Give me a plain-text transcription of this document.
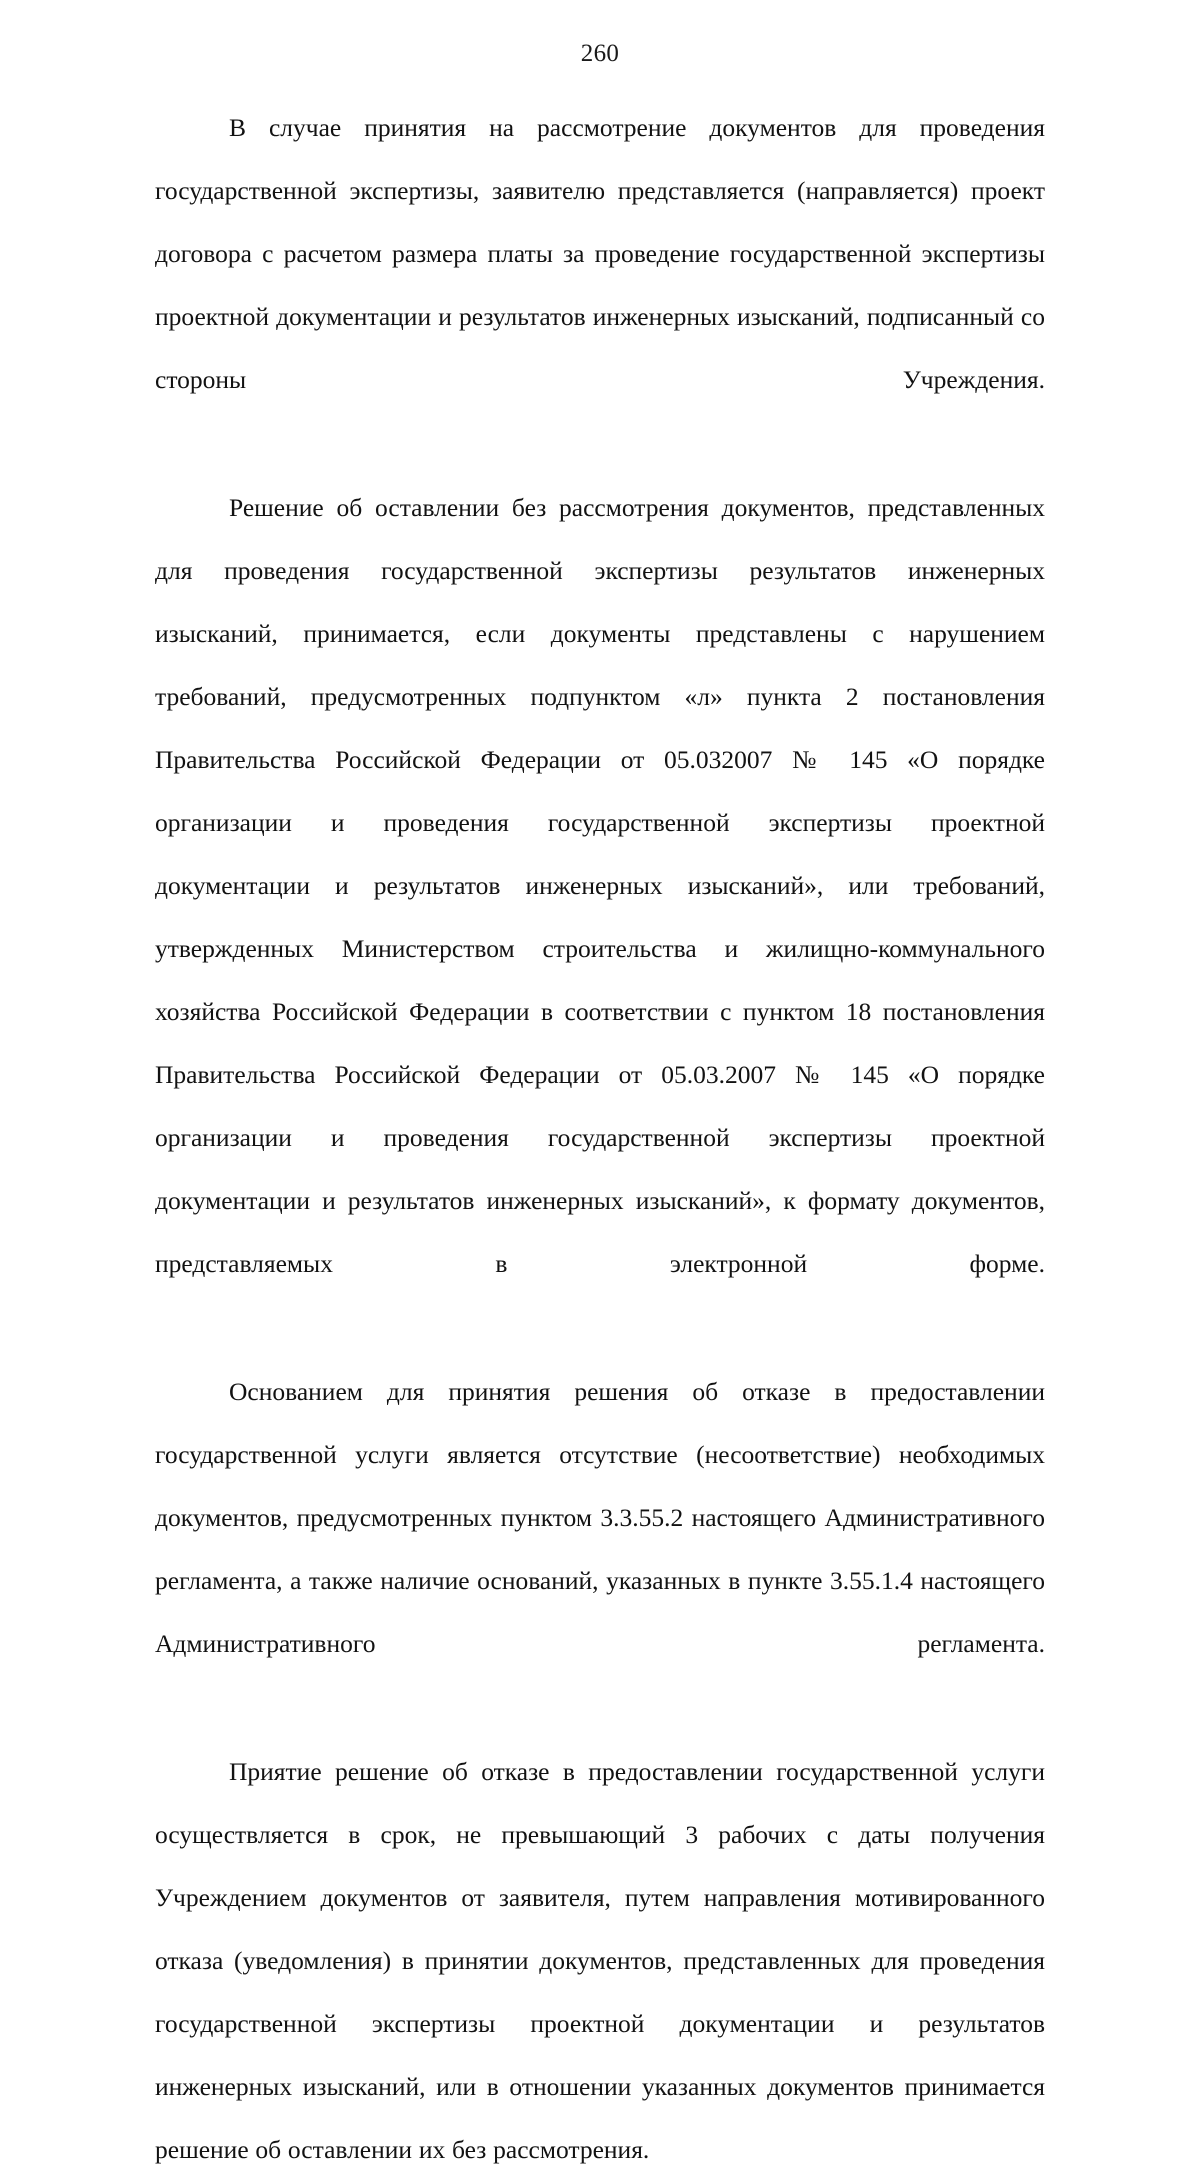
260

В случае принятия на рассмотрение документов для проведения государственной экспертизы, заявителю представляется (направляется) проект договора с расчетом размера платы за проведение государственной экспертизы проектной документации и результатов инженерных изысканий, подписанный со стороны Учреждения.

Решение об оставлении без рассмотрения документов, представленных для проведения государственной экспертизы результатов инженерных изысканий, принимается, если документы представлены с нарушением требований, предусмотренных подпунктом «л» пункта 2 постановления Правительства Российской Федерации от 05.032007 № 145 «О порядке организации и проведения государственной экспертизы проектной документации и результатов инженерных изысканий», или требований, утвержденных Министерством строительства и жилищно-коммунального хозяйства Российской Федерации в соответствии с пунктом 18 постановления Правительства Российской Федерации от 05.03.2007 № 145 «О порядке организации и проведения государственной экспертизы проектной документации и результатов инженерных изысканий», к формату документов, представляемых в электронной форме.

Основанием для принятия решения об отказе в предоставлении государственной услуги является отсутствие (несоответствие) необходимых документов, предусмотренных пунктом 3.3.55.2 настоящего Административного регламента, а также наличие оснований, указанных в пункте 3.55.1.4 настоящего Административного регламента.

Приятие решение об отказе в предоставлении государственной услуги осуществляется в срок, не превышающий 3 рабочих с даты получения Учреждением документов от заявителя, путем направления мотивированного отказа (уведомления) в принятии документов, представленных для проведения государственной экспертизы проектной документации и результатов инженерных изысканий, или в отношении указанных документов принимается решение об оставлении их без рассмотрения.
